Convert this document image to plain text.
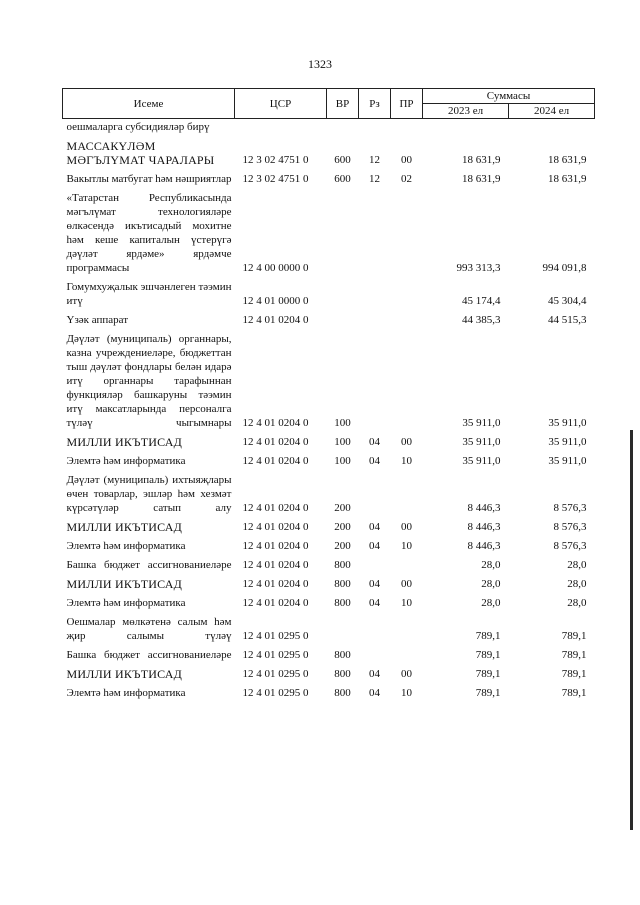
1323
Исеме	ЦСР	ВР	Рз	ПР	Суммасы	
					2023 ел	2024 ел
оешмаларга субсидияләр бирү						
МАССАКҮЛӘМ МӘГЪЛҮМАТ ЧАРАЛАРЫ	12 3 02 4751 0	600	12	00	18 631,9	18 631,9
Вакытлы матбугат һәм нәшриятлар	12 3 02 4751 0	600	12	02	18 631,9	18 631,9
«Татарстан Республикасында мәгълүмат технологияләре өлкәсендә икътисадый мохитне һәм кеше капиталын үстерүгә дәүләт ярдәме» ярдәмче программасы	12 4 00 0000 0				993 313,3	994 091,8
Гомумхуҗалык эшчәнлеген тәэмин итү	12 4 01 0000 0				45 174,4	45 304,4
Үзәк аппарат	12 4 01 0204 0				44 385,3	44 515,3
Дәүләт (муниципаль) органнары, казна учреждениеләре, бюджеттан тыш дәүләт фондлары белән идарә итү органнары тарафыннан функцияләр башкаруны тәэмин итү максатларында персоналга түләү чыгымнары	12 4 01 0204 0	100			35 911,0	35 911,0
МИЛЛИ ИКЪТИСАД	12 4 01 0204 0	100	04	00	35 911,0	35 911,0
Элемтә һәм информатика	12 4 01 0204 0	100	04	10	35 911,0	35 911,0
Дәүләт (муниципаль) ихтыяҗлары өчен товарлар, эшләр һәм хезмәт күрсәтүләр сатып алу	12 4 01 0204 0	200			8 446,3	8 576,3
МИЛЛИ ИКЪТИСАД	12 4 01 0204 0	200	04	00	8 446,3	8 576,3
Элемтә һәм информатика	12 4 01 0204 0	200	04	10	8 446,3	8 576,3
Башка бюджет ассигнованиеләре	12 4 01 0204 0	800			28,0	28,0
МИЛЛИ ИКЪТИСАД	12 4 01 0204 0	800	04	00	28,0	28,0
Элемтә һәм информатика	12 4 01 0204 0	800	04	10	28,0	28,0
Оешмалар мөлкәтенә салым һәм җир салымы түләү	12 4 01 0295 0				789,1	789,1
Башка бюджет ассигнованиеләре	12 4 01 0295 0	800			789,1	789,1
МИЛЛИ ИКЪТИСАД	12 4 01 0295 0	800	04	00	789,1	789,1
Элемтә һәм информатика	12 4 01 0295 0	800	04	10	789,1	789,1
